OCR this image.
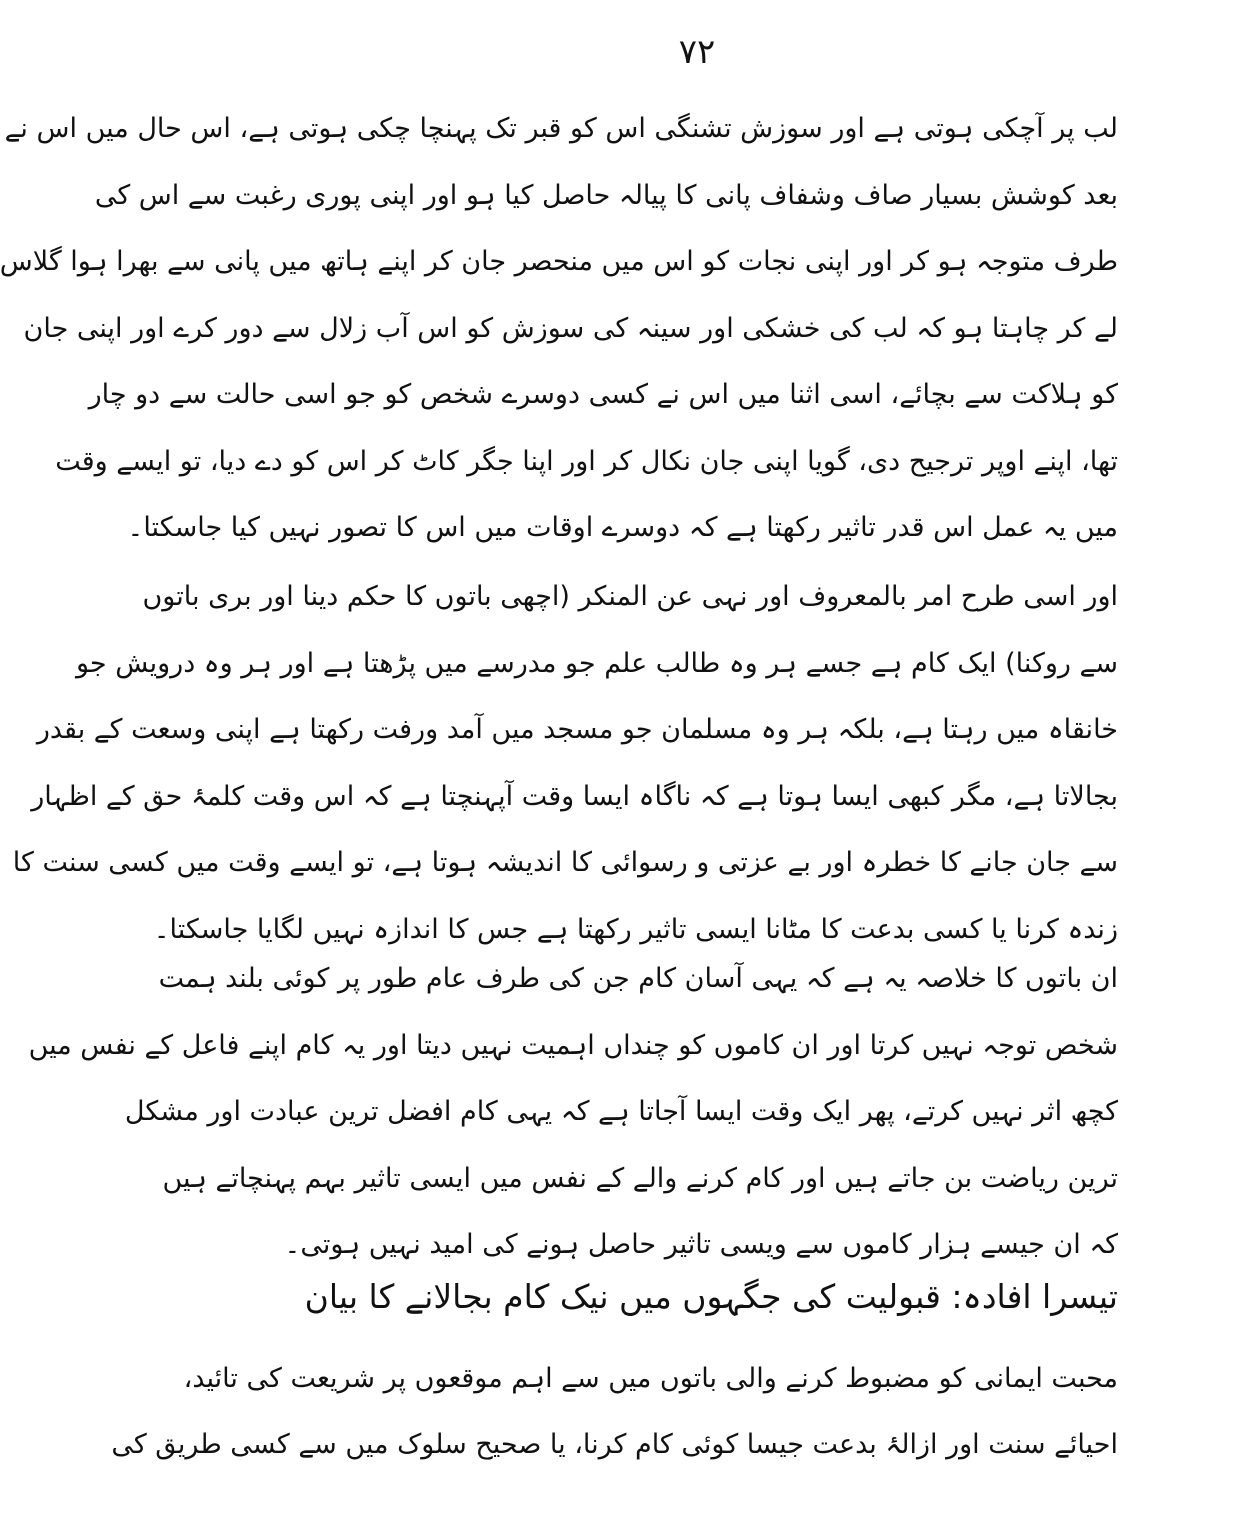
۷۲
لب پر آچکی ہوتی ہے اور سوزش تشنگی اس کو قبر تک پہنچا چکی ہوتی ہے، اس حال میں اس نے
بعد کوشش بسیار صاف وشفاف پانی کا پیالہ حاصل کیا ہو اور اپنی پوری رغبت سے اس کی
طرف متوجہ ہو کر اور اپنی نجات کو اس میں منحصر جان کر اپنے ہاتھ میں پانی سے بھرا ہوا گلاس
لے کر چاہتا ہو کہ لب کی خشکی اور سینہ کی سوزش کو اس آب زلال سے دور کرے اور اپنی جان
کو ہلاکت سے بچائے، اسی اثنا میں اس نے کسی دوسرے شخص کو جو اسی حالت سے دو چار
تھا، اپنے اوپر ترجیح دی، گویا اپنی جان نکال کر اور اپنا جگر کاٹ کر اس کو دے دیا، تو ایسے وقت
میں یہ عمل اس قدر تاثیر رکھتا ہے کہ دوسرے اوقات میں اس کا تصور نہیں کیا جاسکتا۔
اور اسی طرح امر بالمعروف اور نہی عن المنکر (اچھی باتوں کا حکم دینا اور بری باتوں
سے روکنا) ایک کام ہے جسے ہر وہ طالب علم جو مدرسے میں پڑھتا ہے اور ہر وہ درویش جو
خانقاہ میں رہتا ہے، بلکہ ہر وہ مسلمان جو مسجد میں آمد ورفت رکھتا ہے اپنی وسعت کے بقدر
بجالاتا ہے، مگر کبھی ایسا ہوتا ہے کہ ناگاہ ایسا وقت آپہنچتا ہے کہ اس وقت کلمۂ حق کے اظہار
سے جان جانے کا خطرہ اور بے عزتی و رسوائی کا اندیشہ ہوتا ہے، تو ایسے وقت میں کسی سنت کا
زندہ کرنا یا کسی بدعت کا مٹانا ایسی تاثیر رکھتا ہے جس کا اندازہ نہیں لگایا جاسکتا۔
ان باتوں کا خلاصہ یہ ہے کہ یہی آسان کام جن کی طرف عام طور پر کوئی بلند ہمت
شخص توجہ نہیں کرتا اور ان کاموں کو چنداں اہمیت نہیں دیتا اور یہ کام اپنے فاعل کے نفس میں
کچھ اثر نہیں کرتے، پھر ایک وقت ایسا آجاتا ہے کہ یہی کام افضل ترین عبادت اور مشکل
ترین ریاضت بن جاتے ہیں اور کام کرنے والے کے نفس میں ایسی تاثیر بہم پہنچاتے ہیں
کہ ان جیسے ہزار کاموں سے ویسی تاثیر حاصل ہونے کی امید نہیں ہوتی۔
تیسرا افادہ: قبولیت کی جگہوں میں نیک کام بجالانے کا بیان
محبت ایمانی کو مضبوط کرنے والی باتوں میں سے اہم موقعوں پر شریعت کی تائید،
احیائے سنت اور ازالۂ بدعت جیسا کوئی کام کرنا، یا صحیح سلوک میں سے کسی طریق کی
